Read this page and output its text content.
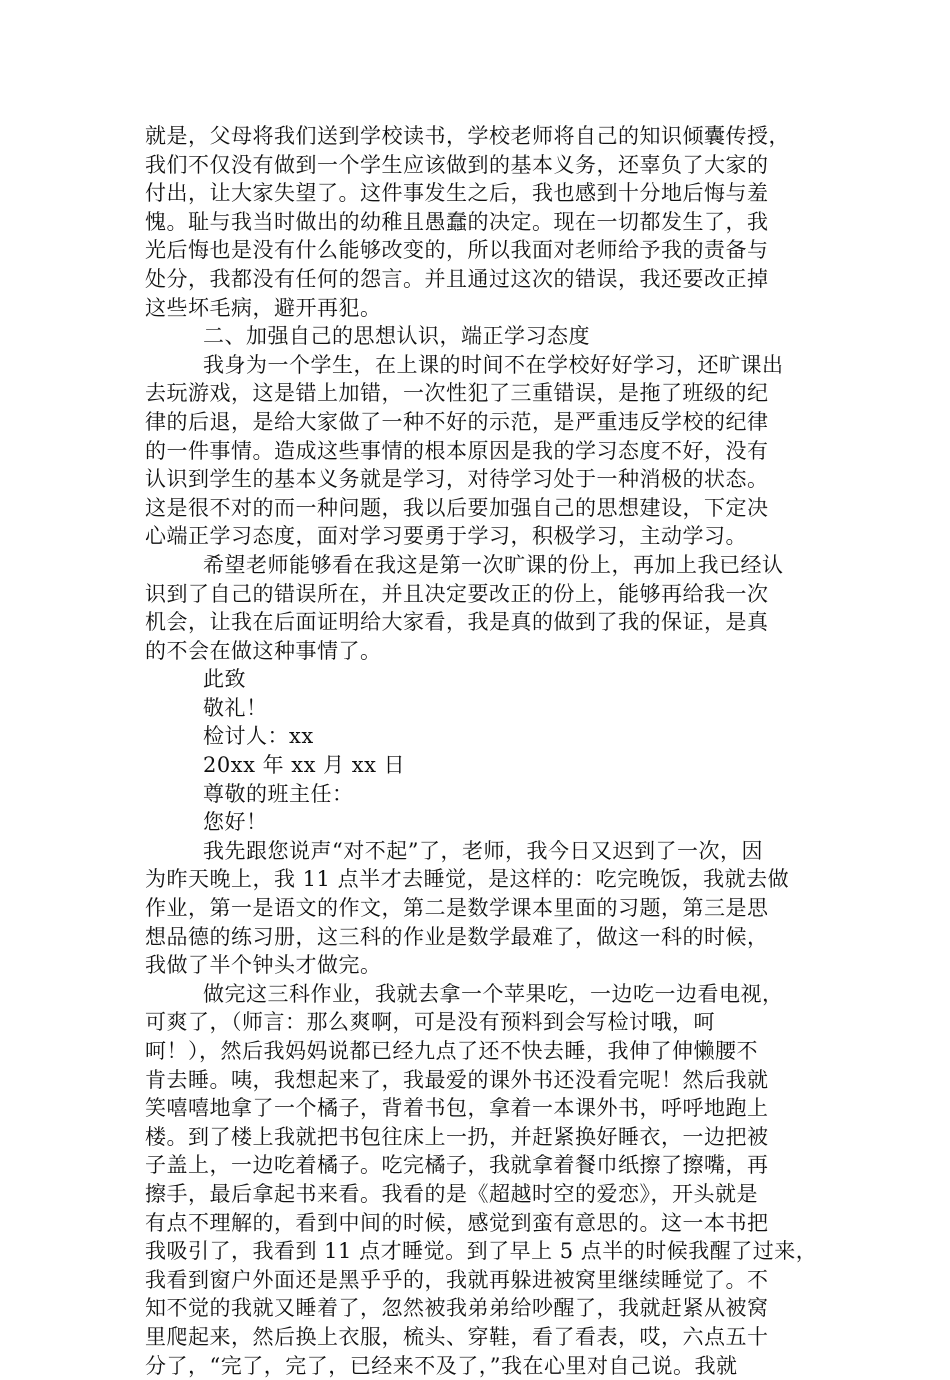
就是，父母将我们送到学校读书，学校老师将自己的知识倾囊传授，
我们不仅没有做到一个学生应该做到的基本义务，还辜负了大家的
付出，让大家失望了。这件事发生之后，我也感到十分地后悔与羞
愧。耻与我当时做出的幼稚且愚蠢的决定。现在一切都发生了，我
光后悔也是没有什么能够改变的，所以我面对老师给予我的责备与
处分，我都没有任何的怨言。并且通过这次的错误，我还要改正掉
这些坏毛病，避开再犯。
二、加强自己的思想认识，端正学习态度
我身为一个学生，在上课的时间不在学校好好学习，还旷课出
去玩游戏，这是错上加错，一次性犯了三重错误，是拖了班级的纪
律的后退，是给大家做了一种不好的示范，是严重违反学校的纪律
的一件事情。造成这些事情的根本原因是我的学习态度不好，没有
认识到学生的基本义务就是学习，对待学习处于一种消极的状态。
这是很不对的而一种问题，我以后要加强自己的思想建设，下定决
心端正学习态度，面对学习要勇于学习，积极学习，主动学习。
希望老师能够看在我这是第一次旷课的份上，再加上我已经认
识到了自己的错误所在，并且决定要改正的份上，能够再给我一次
机会，让我在后面证明给大家看，我是真的做到了我的保证，是真
的不会在做这种事情了。
此致
敬礼！
检讨人：xx
20xx 年 xx 月 xx 日
尊敬的班主任：
您好！
我先跟您说声“对不起”了，老师，我今日又迟到了一次，因
为昨天晚上，我 11 点半才去睡觉，是这样的：吃完晚饭，我就去做
作业，第一是语文的作文，第二是数学课本里面的习题，第三是思
想品德的练习册，这三科的作业是数学最难了，做这一科的时候，
我做了半个钟头才做完。
做完这三科作业，我就去拿一个苹果吃，一边吃一边看电视，
可爽了，（师言：那么爽啊，可是没有预料到会写检讨哦，呵
呵！），然后我妈妈说都已经九点了还不快去睡，我伸了伸懒腰不
肯去睡。咦，我想起来了，我最爱的课外书还没看完呢！然后我就
笑嘻嘻地拿了一个橘子，背着书包，拿着一本课外书，呼呼地跑上
楼。到了楼上我就把书包往床上一扔，并赶紧换好睡衣，一边把被
子盖上，一边吃着橘子。吃完橘子，我就拿着餐巾纸擦了擦嘴，再
擦手，最后拿起书来看。我看的是《超越时空的爱恋》，开头就是
有点不理解的，看到中间的时候，感觉到蛮有意思的。这一本书把
我吸引了，我看到 11 点才睡觉。到了早上 5 点半的时候我醒了过来，
我看到窗户外面还是黑乎乎的，我就再躲进被窝里继续睡觉了。不
知不觉的我就又睡着了，忽然被我弟弟给吵醒了，我就赶紧从被窝
里爬起来，然后换上衣服，梳头、穿鞋，看了看表，哎，六点五十
分了，“完了，完了，已经来不及了，”我在心里对自己说。我就
